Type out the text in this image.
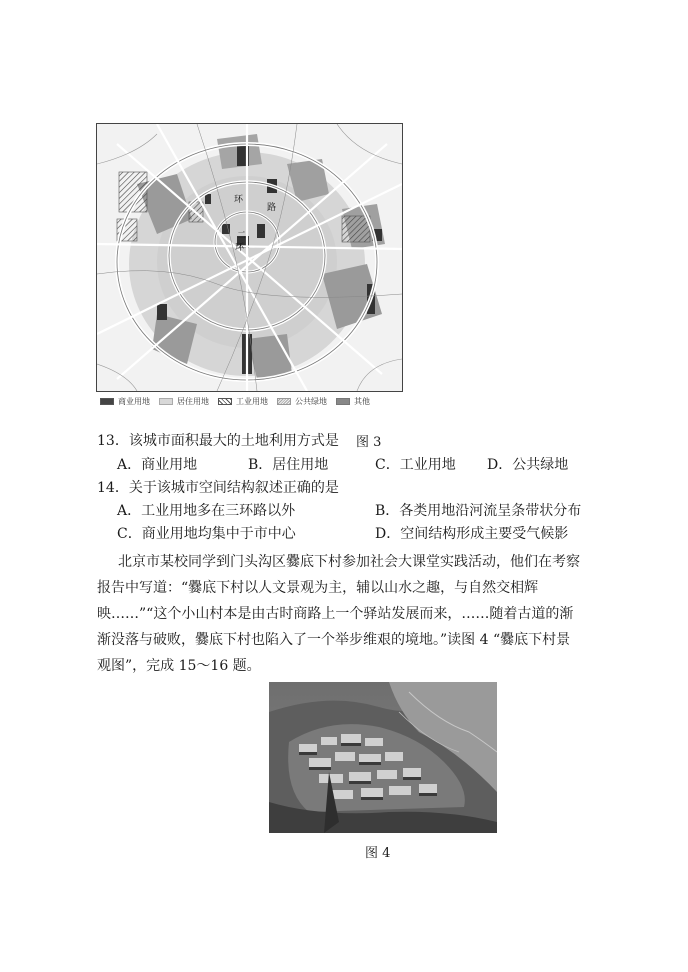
环
路
二
环
商业用地	居住用地	工业用地	公共绿地	其他
13．该城市面积最大的土地利用方式是 图 3
A．商业用地	B．居住用地	C．工业用地 D．公共绿地
14．关于该城市空间结构叙述正确的是
A．工业用地多在三环路以外	B．各类用地沿河流呈条带状分布
C．商业用地均集中于市中心	D．空间结构形成主要受气候影
北京市某校同学到门头沟区爨底下村参加社会大课堂实践活动，他们在考察
报告中写道：“爨底下村以人文景观为主，辅以山水之趣，与自然交相辉
映……”“这个小山村本是由古时商路上一个驿站发展而来，……随着古道的渐
渐没落与破败，爨底下村也陷入了一个举步维艰的境地。”读图 4 “爨底下村景
观图”，完成 15～16 题。
图 4
